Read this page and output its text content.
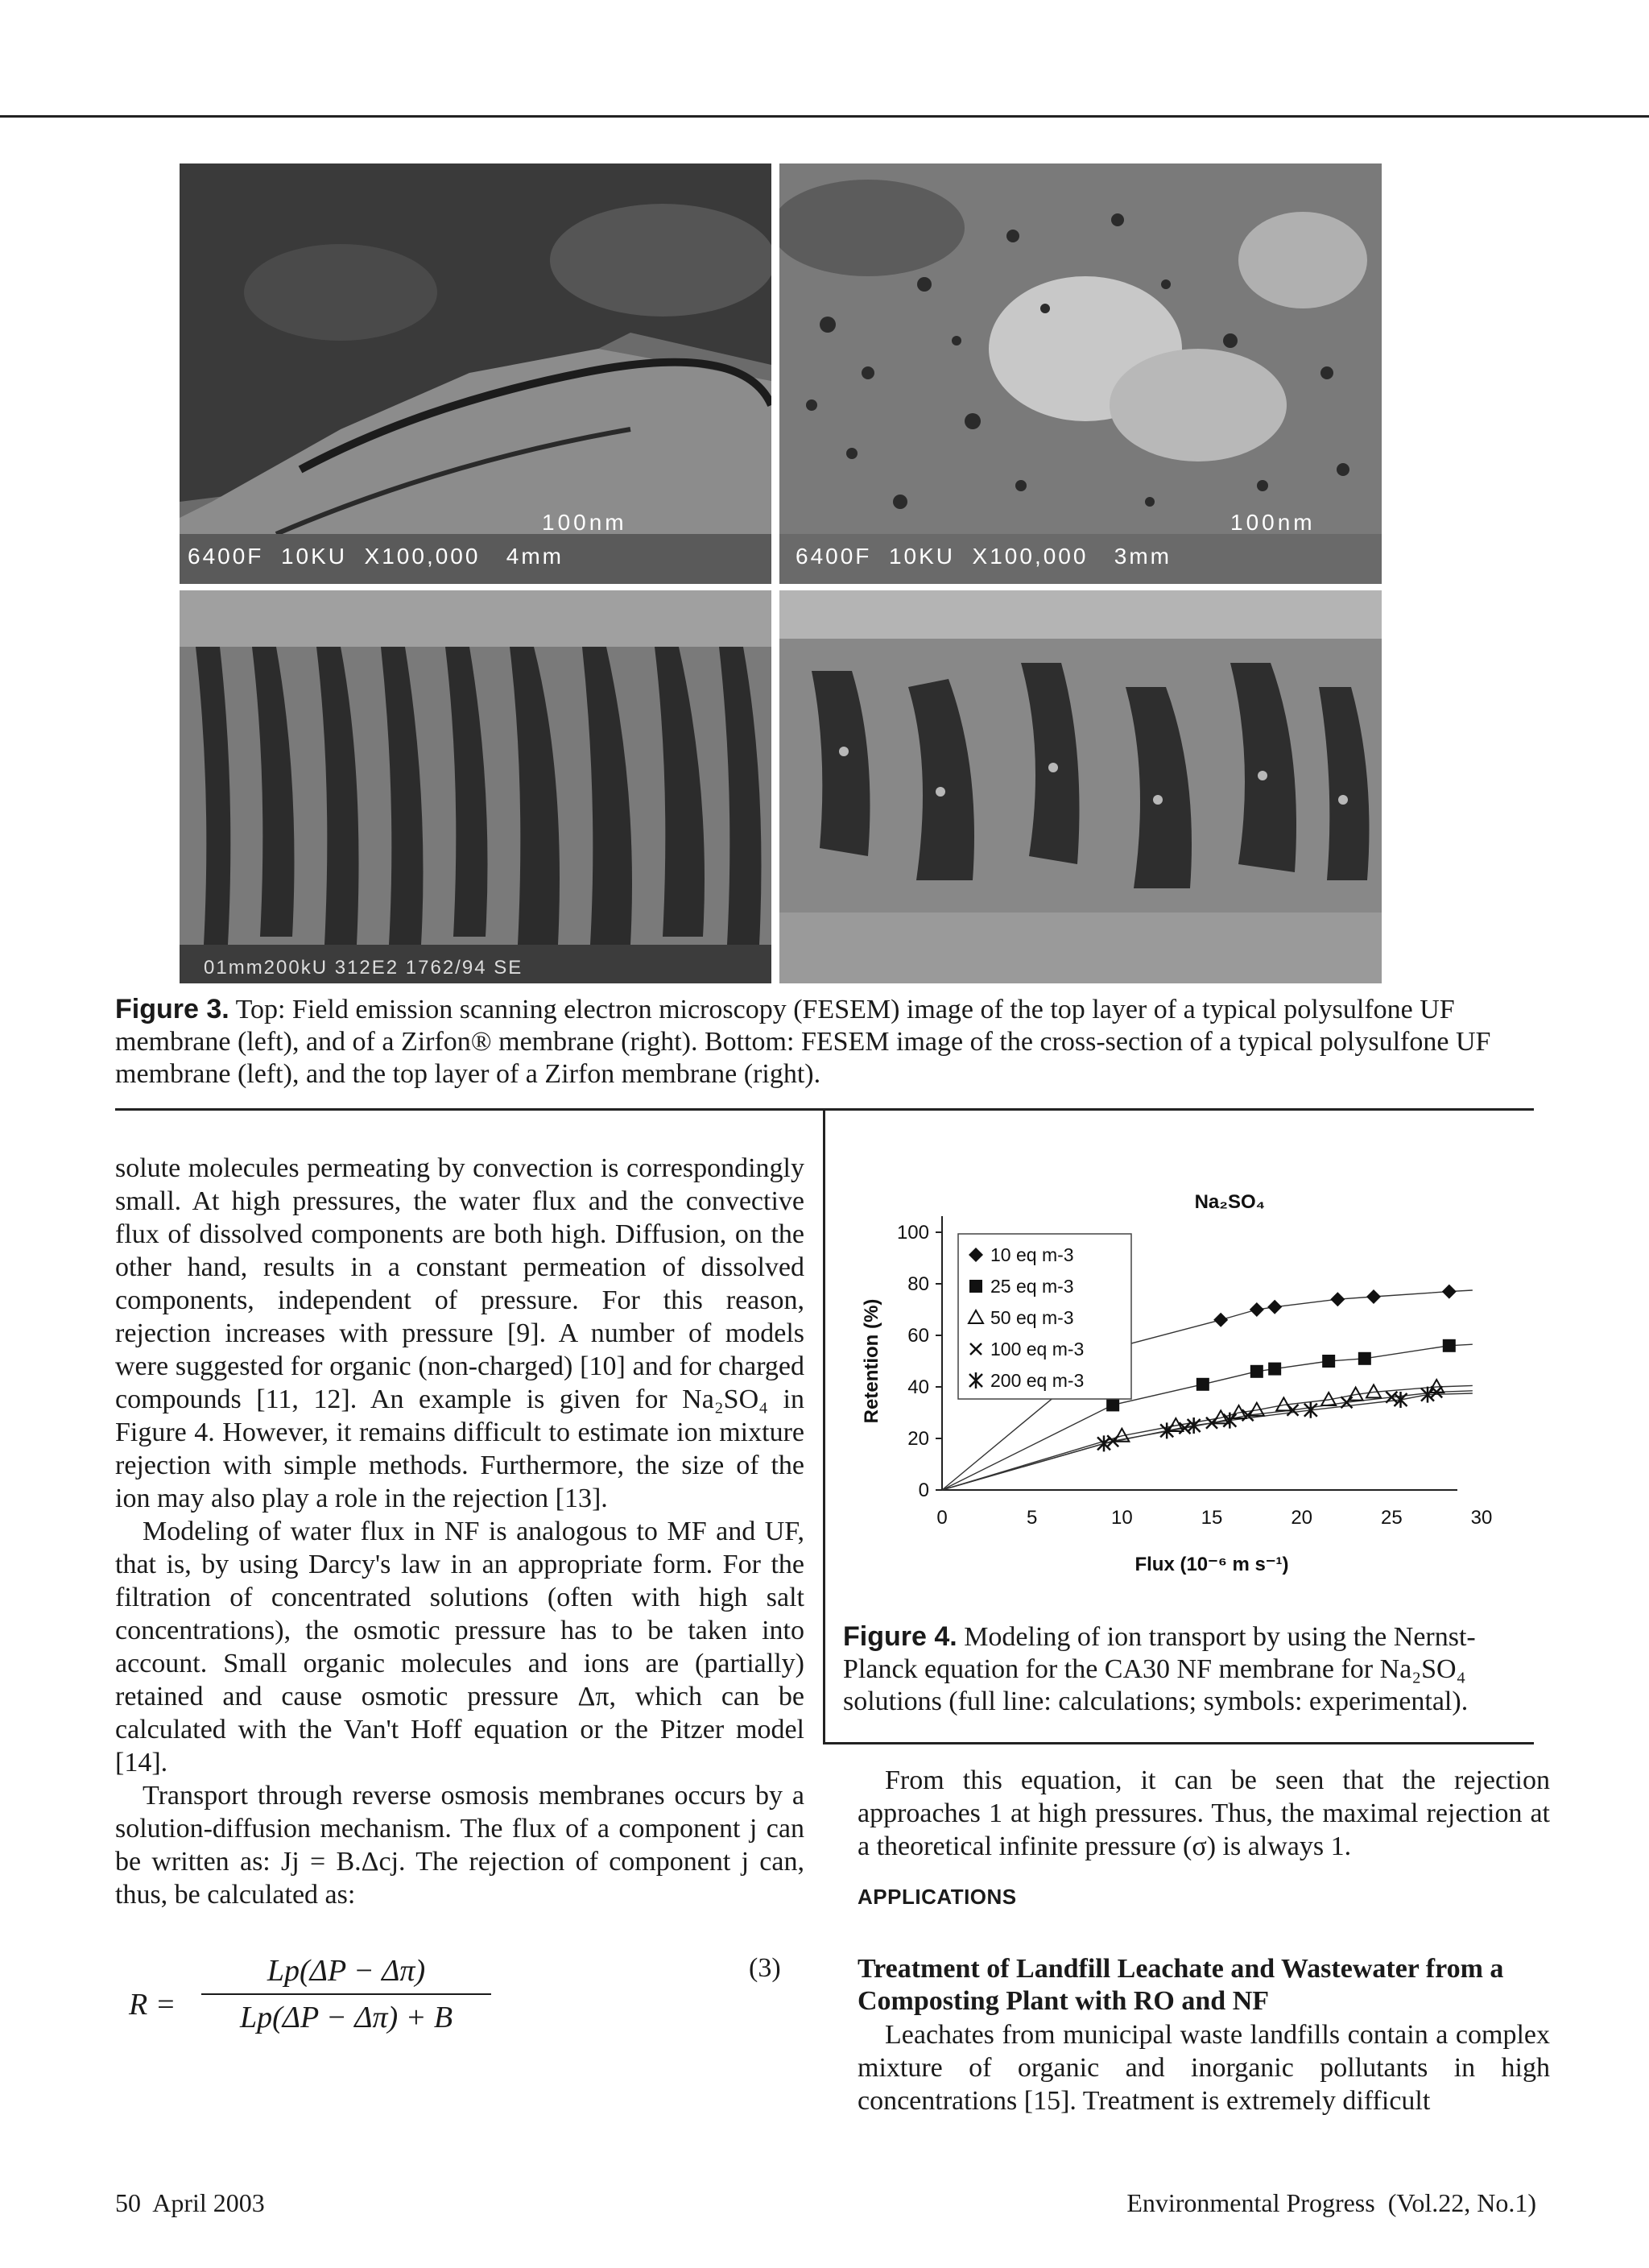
100nm
6400F  10KU  X100,000   4mm
100nm
6400F  10KU  X100,000   3mm
01mm200kU 312E2 1762/94 SE
Figure 3. Top: Field emission scanning electron microscopy (FESEM) image of the top layer of a typical polysulfone UF membrane (left), and of a Zirfon® membrane (right). Bottom: FESEM image of the cross-section of a typical polysulfone UF membrane (left), and the top layer of a Zirfon membrane (right).

solute molecules permeating by convection is correspondingly small. At high pressures, the water flux and the convective flux of dissolved components are both high. Diffusion, on the other hand, results in a constant permeation of dissolved components, independent of pressure. For this reason, rejection increases with pressure [9]. A number of models were suggested for organic (non-charged) [10] and for charged compounds [11, 12]. An example is given for Na₂SO₄ in Figure 4. However, it remains difficult to estimate ion mixture rejection with simple methods. Furthermore, the size of the ion may also play a role in the rejection [13].

Modeling of water flux in NF is analogous to MF and UF, that is, by using Darcy's law in an appropriate form. For the filtration of concentrated solutions (often with high salt concentrations), the osmotic pressure has to be taken into account. Small organic molecules and ions are (partially) retained and cause osmotic pressure Δπ, which can be calculated with the Van't Hoff equation or the Pitzer model [14].

Transport through reverse osmosis membranes occurs by a solution-diffusion mechanism. The flux of a component j can be written as: Jj = B.Δcj. The rejection of component j can, thus, be calculated as:

R =
Lp(ΔP − Δπ)
Lp(ΔP − Δπ) + B
(3)
0
20
40
60
80
100
0	5	10	15	20	25	30
Na₂SO₄
Flux (10⁻⁶ m s⁻¹)
Retention (%)
10 eq m-3
25 eq m-3
50 eq m-3
100 eq m-3
200 eq m-3
Figure 4. Modeling of ion transport by using the Nernst-Planck equation for the CA30 NF membrane for Na₂SO₄ solutions (full line: calculations; symbols: experimental).

From this equation, it can be seen that the rejection approaches 1 at high pressures. Thus, the maximal rejection at a theoretical infinite pressure (σ) is always 1.

APPLICATIONS
Treatment of Landfill Leachate and Wastewater from a Composting Plant with RO and NF

Leachates from municipal waste landfills contain a complex mixture of organic and inorganic pollutants in high concentrations [15]. Treatment is extremely difficult

50  April 2003	Environmental Progress  (Vol.22, No.1)
